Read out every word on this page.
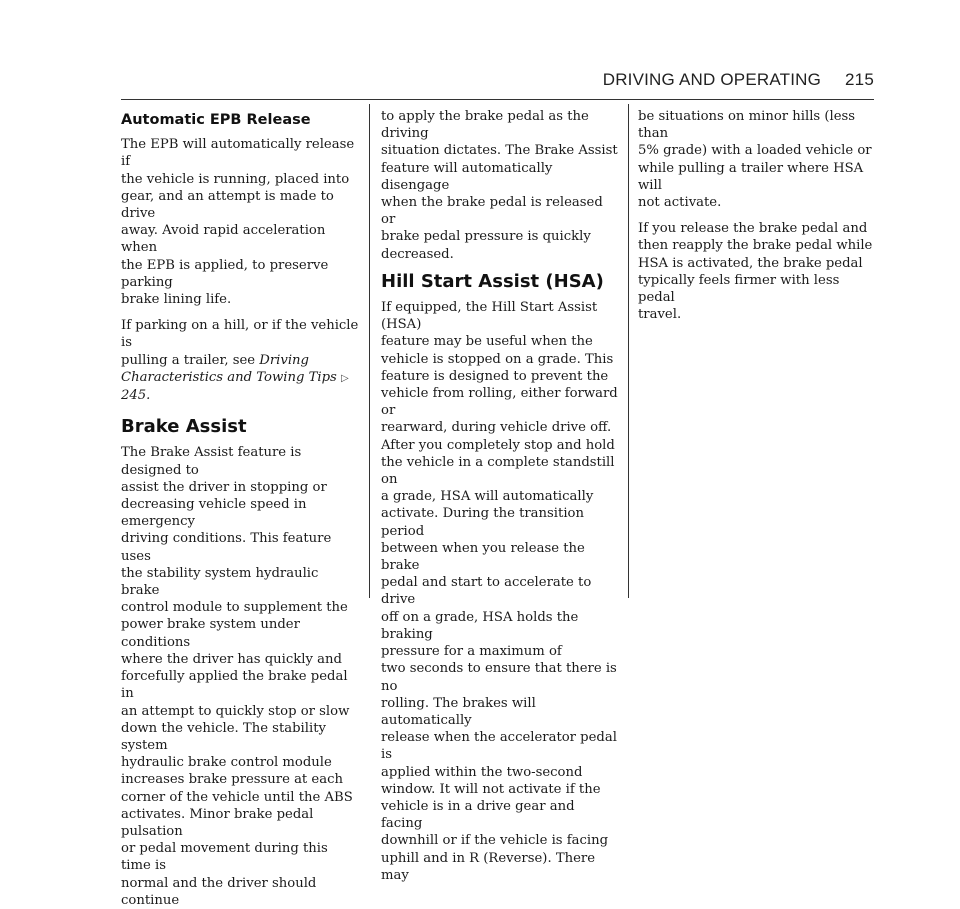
DRIVING AND OPERATING 215
Automatic EPB Release

The EPB will automatically release if
the vehicle is running, placed into
gear, and an attempt is made to drive
away. Avoid rapid acceleration when
the EPB is applied, to preserve parking
brake lining life.

If parking on a hill, or if the vehicle is
pulling a trailer, see Driving
Characteristics and Towing Tips ▷ 245.

Brake Assist

The Brake Assist feature is designed to
assist the driver in stopping or
decreasing vehicle speed in emergency
driving conditions. This feature uses
the stability system hydraulic brake
control module to supplement the
power brake system under conditions
where the driver has quickly and
forcefully applied the brake pedal in
an attempt to quickly stop or slow
down the vehicle. The stability system
hydraulic brake control module
increases brake pressure at each
corner of the vehicle until the ABS
activates. Minor brake pedal pulsation
or pedal movement during this time is
normal and the driver should continue

to apply the brake pedal as the driving
situation dictates. The Brake Assist
feature will automatically disengage
when the brake pedal is released or
brake pedal pressure is quickly
decreased.

Hill Start Assist (HSA)

If equipped, the Hill Start Assist (HSA)
feature may be useful when the
vehicle is stopped on a grade. This
feature is designed to prevent the
vehicle from rolling, either forward or
rearward, during vehicle drive off.
After you completely stop and hold
the vehicle in a complete standstill on
a grade, HSA will automatically
activate. During the transition period
between when you release the brake
pedal and start to accelerate to drive
off on a grade, HSA holds the braking
pressure for a maximum of
two seconds to ensure that there is no
rolling. The brakes will automatically
release when the accelerator pedal is
applied within the two-second
window. It will not activate if the
vehicle is in a drive gear and facing
downhill or if the vehicle is facing
uphill and in R (Reverse). There may

be situations on minor hills (less than
5% grade) with a loaded vehicle or
while pulling a trailer where HSA will
not activate.

If you release the brake pedal and
then reapply the brake pedal while
HSA is activated, the brake pedal
typically feels firmer with less pedal
travel.
